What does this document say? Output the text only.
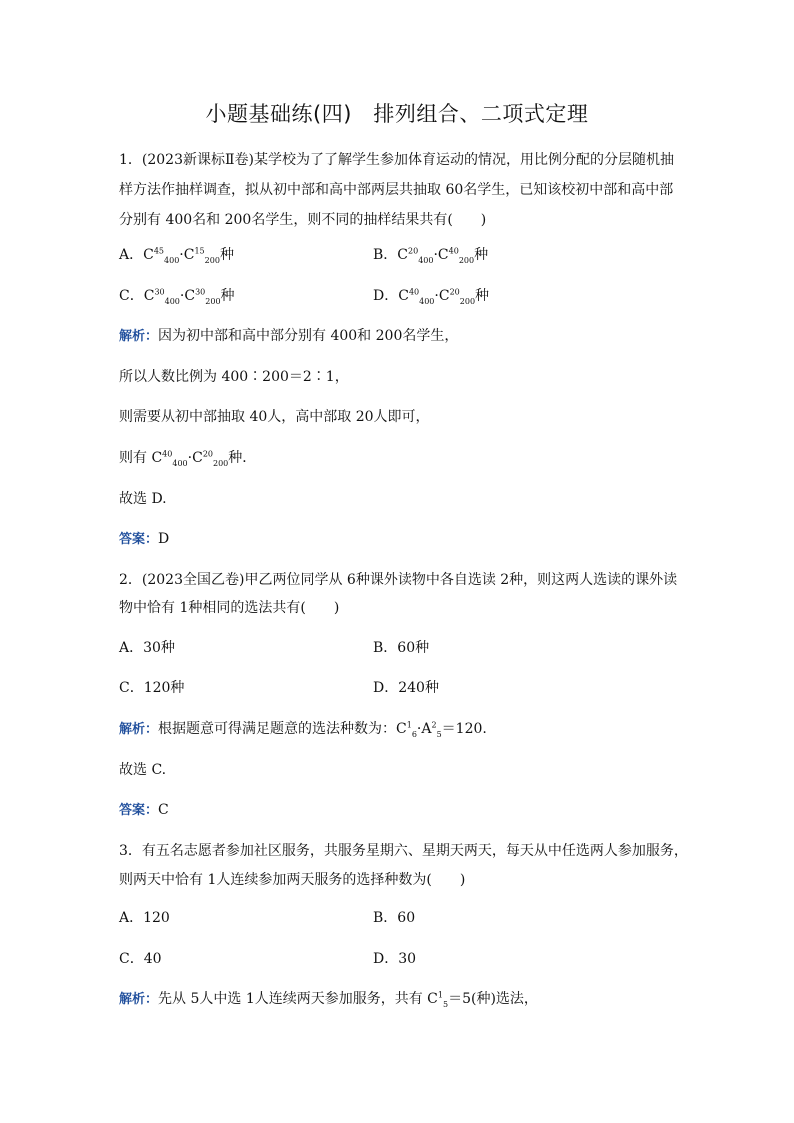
小题基础练(四)　排列组合、二项式定理
1．(2023新课标Ⅱ卷)某学校为了了解学生参加体育运动的情况，用比例分配的分层随机抽
样方法作抽样调查，拟从初中部和高中部两层共抽取 60名学生，已知该校初中部和高中部
分别有 400名和 200名学生，则不同的抽样结果共有(　　)
A．$C^{45}_{400}\cdot C^{15}_{200}$种	B．$C^{20}_{400}\cdot C^{40}_{200}$种
C．$C^{30}_{400}\cdot C^{30}_{200}$种	D．$C^{40}_{400}\cdot C^{20}_{200}$种
解析：因为初中部和高中部分别有 400和 200名学生，
所以人数比例为 400∶200＝2∶1，
则需要从初中部抽取 40人，高中部取 20人即可，
则有 $C^{40}_{400}\cdot C^{20}_{200}$种．
故选 D.
答案：D
2．(2023全国乙卷)甲乙两位同学从 6种课外读物中各自选读 2种，则这两人选读的课外读
物中恰有 1种相同的选法共有(　　)
A．30种	B．60种
C．120种	D．240种
解析：根据题意可得满足题意的选法种数为：$C^1_6\cdot A^2_5=120$.
故选 C.
答案：C
3．有五名志愿者参加社区服务，共服务星期六、星期天两天，每天从中任选两人参加服务，
则两天中恰有 1人连续参加两天服务的选择种数为(　　)
A．120	B．60
C．40	D．30
解析：先从 5人中选 1人连续两天参加服务，共有 $C^1_5=5$(种)选法，
